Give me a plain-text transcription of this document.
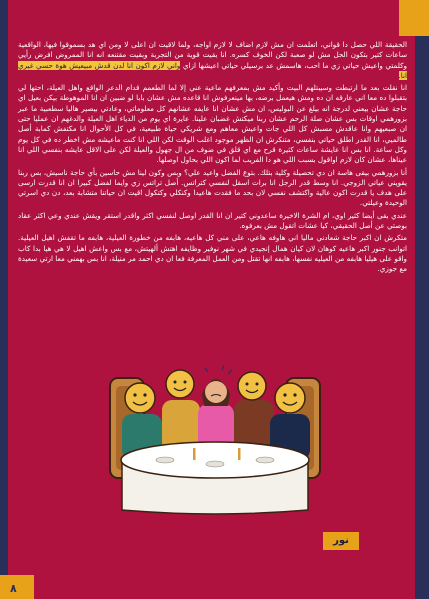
الحقيقة اللي حصل دا قواني، اتعلمت ان مش لازم اضاف لا لازم اواجه، ولما لاقيت ان اعلى لا ومن اي هد بسموقوا فيها، الواقعية ساعات كتير بتكون الحل مش لو صعبة لكن الخوف كسره. انا بقيت قوية من التجربة وبقيت مقتنعه انه انا الممروض افرض رأيي وكلمتي واعيش حياتي زي ما احب، هاسمش عد برسيلي حياتي اعيشها ازاي واني لازم اكون انا لدن قدش مبيعيش هوة حسي غيري انا.

انا نقلت بعد ما ارتبطت وسيبتلهم البيت وأكيد مش بمعرفهم ماعية عني إلا لما الطعمم قدام الدعر الواقع واهل العيلة، احتها لي بتقبلوا ده معا اني عارقه ان ده ومش هيعمل برضه، بها مينعرفوش انا قاعده مش عشان بابا لو ضبين ان انا الموهوطة بيكن بعيل اي حاجة عشان بيعني لدرجة انه بيلغ عن البوليس، ان مش عشان انا عايفه عشانهم كل معلوماتي، وعادتي بيصير هاليا سطعبية ما عبر بزورهمي اوقات بس عشان صلة الرحم عشان ربنا ميكتش غضبان علينا. عايرة اي يوم من الدياء اهل العيلة والدغهم ان عمليا حتى ان صبعيهم وانا عاقدش مسبش كل اللي جات واعيش معاهم ومع شريكي حياة طبيعية، في كل الأحوال انا مكتفش كمابة أصل طالميي، انا القدر اطلق حياتي بنفسي، متنكرش ان الظهر موجود اغلب الوقت لكن اللي انا كنت ماعيشه مش اخطر ده في كل يوم وكل ساعة. انا بس انا عايشة ساعات كثيرة قرح مع اي قلق في ضوف من ال جهول والعيلة لكن على الاقل عايشه بنفسي اللي انا عيناها، عشان كان لازم اواقول بسبب اللي هو دا الفريب لما اكون اللي بحاول اوصلها.

أنا بزورهمي بيقى هاسة ان دي تحصيلة وكلية بتلك. بتوع الفضل واعيد علي؟ وبس وكون لينا مش حاسين بأي حاجة ناسيش، بس ربنا يقويني عياتي الزوجي. انا وسط قدر الرجل انا برات اسقل لنفسي كتراتس. أصل تراتس زي وايما لفضل كبيرا ان انا قدرت ارسى على هدف يا قدرت اكون عالية واكتشف نفسي لان بحد ما فقدت هاعيدا وكنكلي وكتكول اقيت ان حياتنا متشابة بعد، دن دي اسرتي الوحيدة وعيلتي.

عندي بقى أيضا كثير اوي، ام الشرة الاخيرة ساعدوني كتير ان انا القدر اوصل لنفسي اكثر واقدر استقر ويقش عندي وعي اكثر عقاد بوصتي عن أصل الحقيقي، كيا عشات اتقول مش بعرفوه.

متكرش ان اكبر حاجة شعادني ماليا اني هاوفه هاعي، على مني كل هاعيه، هابفه من خطورة العيلية، هابفه ما تقفش اهيل العيلية. اتوانب جنور اكبر هاعيه كوهان لان كيان همال إنجيدي في شهر نوفير وظايفه اهتش ألهيتش، مع بس واعش اهيل لا هي هيا بدا كاب واقو على هيليا هابفه من العيليه نفسها، هابفه انها تقتل ومن العمل المعرفة فعا ان دي احمد مر منيلة، انا بس بهمني معا ارتي سعيدة مع جوزي.

نور
٨
